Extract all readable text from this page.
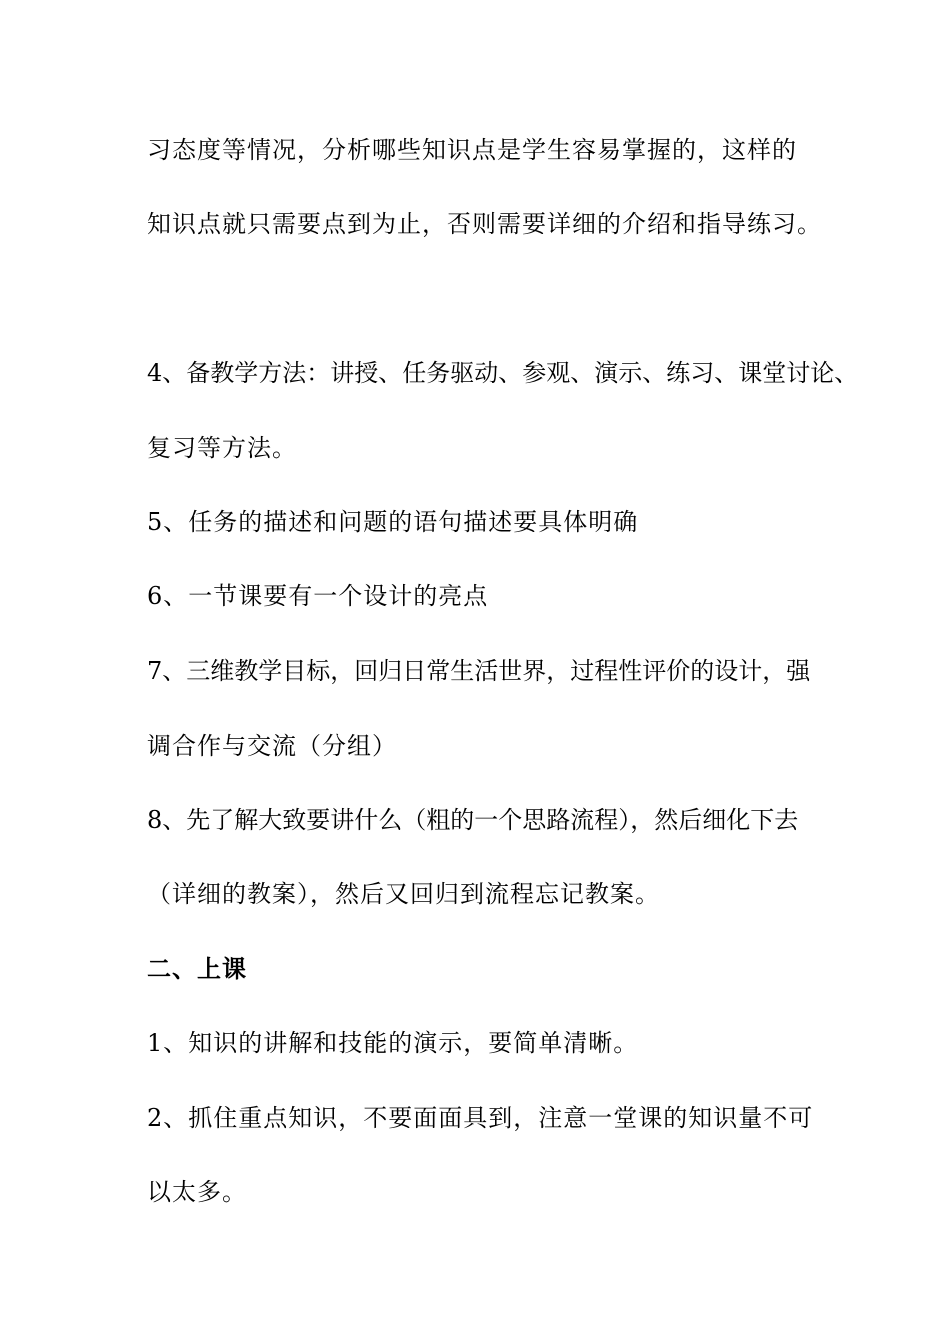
习态度等情况，分析哪些知识点是学生容易掌握的，这样的
知识点就只需要点到为止，否则需要详细的介绍和指导练习。
4、备教学方法：讲授、任务驱动、参观、演示、练习、课堂讨论、
复习等方法。
5、任务的描述和问题的语句描述要具体明确
6、一节课要有一个设计的亮点
7、三维教学目标，回归日常生活世界，过程性评价的设计，强
调合作与交流（分组）
8、先了解大致要讲什么（粗的一个思路流程），然后细化下去
（详细的教案），然后又回归到流程忘记教案。
二、上课
1、知识的讲解和技能的演示，要简单清晰。
2、抓住重点知识，不要面面具到，注意一堂课的知识量不可
以太多。
